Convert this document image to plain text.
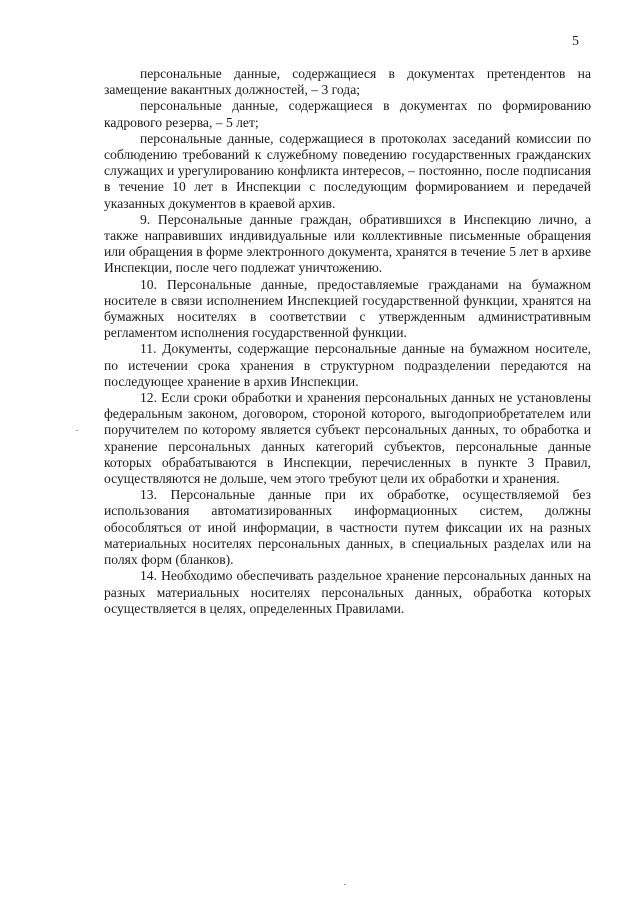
5

персональные данные, содержащиеся в документах претендентов на замещение вакантных должностей, – 3 года;

персональные данные, содержащиеся в документах по формированию кадрового резерва, – 5 лет;

персональные данные, содержащиеся в протоколах заседаний комиссии по соблюдению требований к служебному поведению государственных гражданских служащих и урегулированию конфликта интересов, – постоянно, после подписания в течение 10 лет в Инспекции с последующим формированием и передачей указанных документов в краевой архив.

9. Персональные данные граждан, обратившихся в Инспекцию лично, а также направивших индивидуальные или коллективные письменные обращения или обращения в форме электронного документа, хранятся в течение 5 лет в архиве Инспекции, после чего подлежат уничтожению.

10. Персональные данные, предоставляемые гражданами на бумажном носителе в связи исполнением Инспекцией государственной функции, хранятся на бумажных носителях в соответствии с утвержденным административным регламентом исполнения государственной функции.

11. Документы, содержащие персональные данные на бумажном носителе, по истечении срока хранения в структурном подразделении передаются на последующее хранение в архив Инспекции.

12. Если сроки обработки и хранения персональных данных не установлены федеральным законом, договором, стороной которого, выгодоприобретателем или поручителем по которому является субъект персональных данных, то обработка и хранение персональных данных категорий субъектов, персональные данные которых обрабатываются в Инспекции, перечисленных в пункте 3 Правил, осуществляются не дольше, чем этого требуют цели их обработки и хранения.

13. Персональные данные при их обработке, осуществляемой без использования автоматизированных информационных систем, должны обособляться от иной информации, в частности путем фиксации их на разных материальных носителях персональных данных, в специальных разделах или на полях форм (бланков).

14. Необходимо обеспечивать раздельное хранение персональных данных на разных материальных носителях персональных данных, обработка которых осуществляется в целях, определенных Правилами.
